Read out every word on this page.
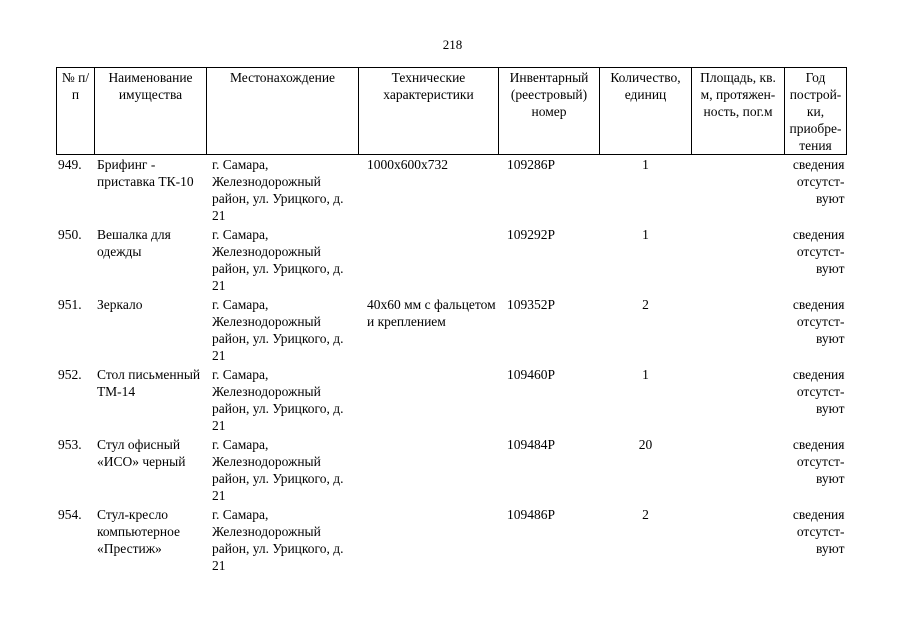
218
№ п/п	Наименование имущества	Местонахождение	Технические характеристики	Инвентарный (реестровый) номер	Количество, единиц	Площадь, кв. м, протяжен-ность, пог.м	Год построй-ки, приобре-тения
949.	Брифинг - приставка ТК-10	г. Самара, Железнодорожный район, ул. Урицкого, д. 21	1000х600х732	109286Р	1		сведения отсутст-вуют
950.	Вешалка для одежды	г. Самара, Железнодорожный район, ул. Урицкого, д. 21		109292Р	1		сведения отсутст-вуют
951.	Зеркало	г. Самара, Железнодорожный район, ул. Урицкого, д. 21	40х60 мм с фальцетом и креплением	109352Р	2		сведения отсутст-вуют
952.	Стол письменный ТМ-14	г. Самара, Железнодорожный район, ул. Урицкого, д. 21		109460Р	1		сведения отсутст-вуют
953.	Стул офисный «ИСО» черный	г. Самара, Железнодорожный район, ул. Урицкого, д. 21		109484Р	20		сведения отсутст-вуют
954.	Стул-кресло компьютерное «Престиж»	г. Самара, Железнодорожный район, ул. Урицкого, д. 21		109486Р	2		сведения отсутст-вуют
